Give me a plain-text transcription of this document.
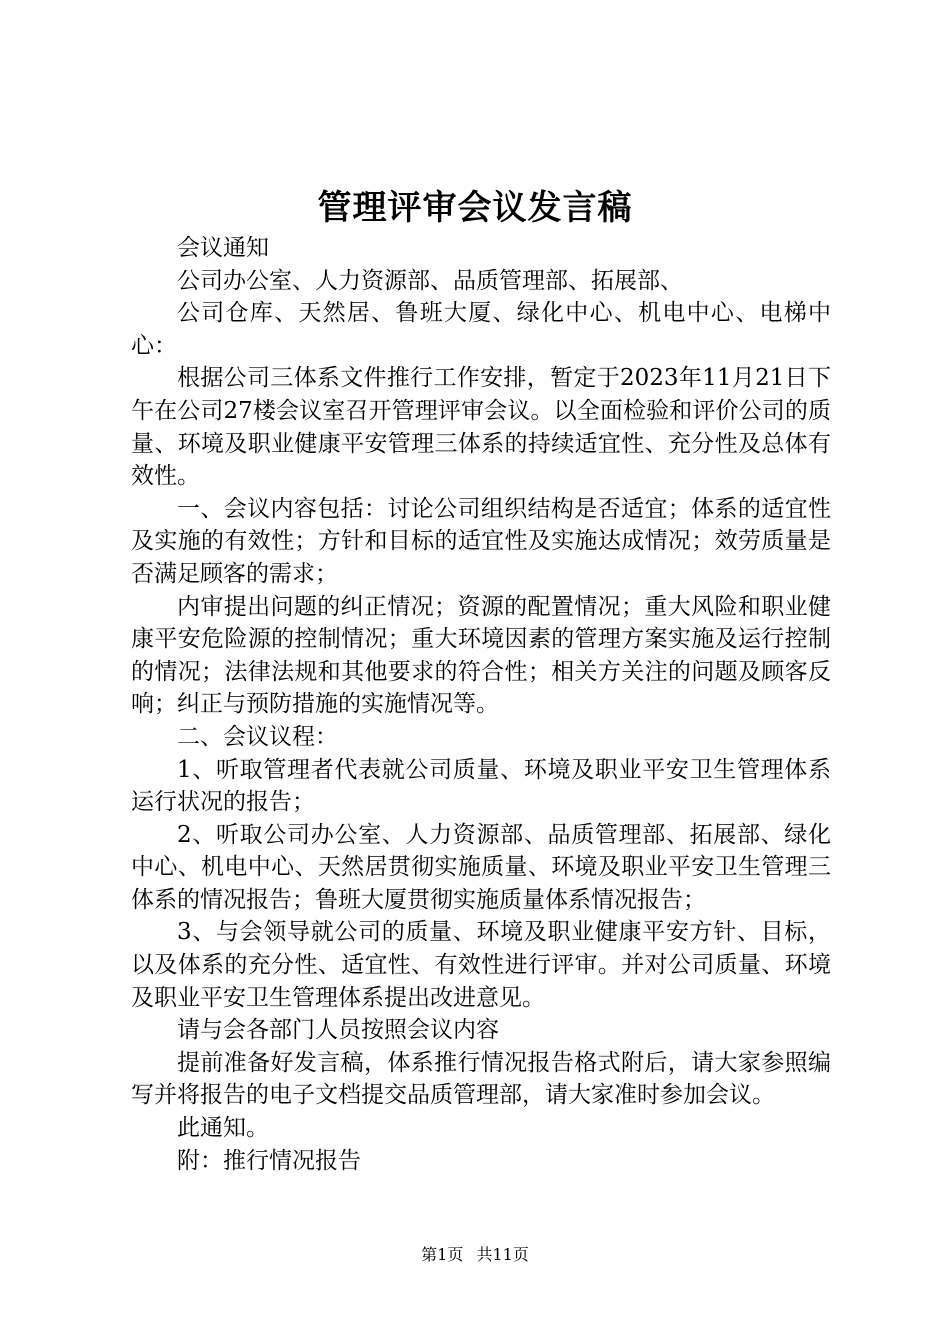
管理评审会议发言稿

会议通知

公司办公室、人力资源部、品质管理部、拓展部、

公司仓库、天然居、鲁班大厦、绿化中心、机电中心、电梯中心：

根据公司三体系文件推行工作安排，暂定于2023年11月21日下午在公司27楼会议室召开管理评审会议。以全面检验和评价公司的质量、环境及职业健康平安管理三体系的持续适宜性、充分性及总体有效性。

一、会议内容包括：讨论公司组织结构是否适宜；体系的适宜性及实施的有效性；方针和目标的适宜性及实施达成情况；效劳质量是否满足顾客的需求；

内审提出问题的纠正情况；资源的配置情况；重大风险和职业健康平安危险源的控制情况；重大环境因素的管理方案实施及运行控制的情况；法律法规和其他要求的符合性；相关方关注的问题及顾客反响；纠正与预防措施的实施情况等。

二、会议议程：

1、听取管理者代表就公司质量、环境及职业平安卫生管理体系运行状况的报告；

2、听取公司办公室、人力资源部、品质管理部、拓展部、绿化中心、机电中心、天然居贯彻实施质量、环境及职业平安卫生管理三体系的情况报告；鲁班大厦贯彻实施质量体系情况报告；

3、与会领导就公司的质量、环境及职业健康平安方针、目标，以及体系的充分性、适宜性、有效性进行评审。并对公司质量、环境及职业平安卫生管理体系提出改进意见。

请与会各部门人员按照会议内容

提前准备好发言稿，体系推行情况报告格式附后，请大家参照编写并将报告的电子文档提交品质管理部，请大家准时参加会议。

此通知。

附：推行情况报告

第1页 共11页
